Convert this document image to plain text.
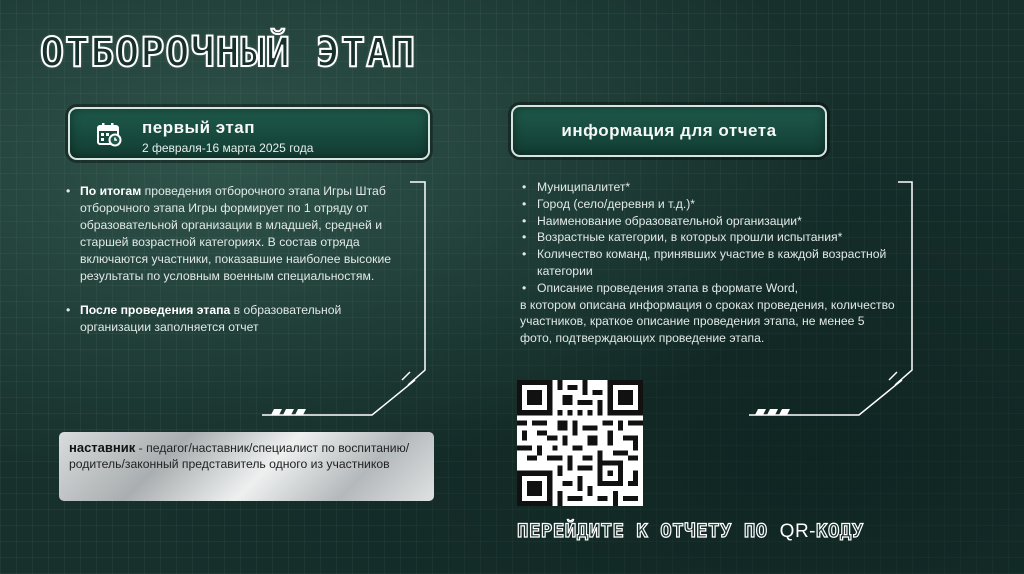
ОТБОРОЧНЫЙ ЭТАП
первый этап
2 февраля-16 марта 2025 года
• По итогам проведения отборочного этапа Игры Штаб отборочного этапа Игры формирует по 1 отряду от образовательной организации в младшей, средней и старшей возрастной категориях. В состав отряда включаются участники, показавшие наиболее высокие результаты по условным военным специальностям.
• После проведения этапа в образовательной организации заполняется отчет
наставник - педагог/наставник/специалист по воспитанию/ родитель/законный представитель одного из участников
информация для отчета
• Муниципалитет*
• Город (село/деревня и т.д.)*
• Наименование образовательной организации*
• Возрастные категории, в которых прошли испытания*
• Количество команд, принявших участие в каждой возрастной категории
• Описание проведения этапа в формате Word,
в котором описана информация о сроках проведения, количество участников, краткое описание проведения этапа, не менее 5 фото, подтверждающих проведение этапа.

ПЕРЕЙДИТЕ К ОТЧЕТУ ПО QR-КОДУ
